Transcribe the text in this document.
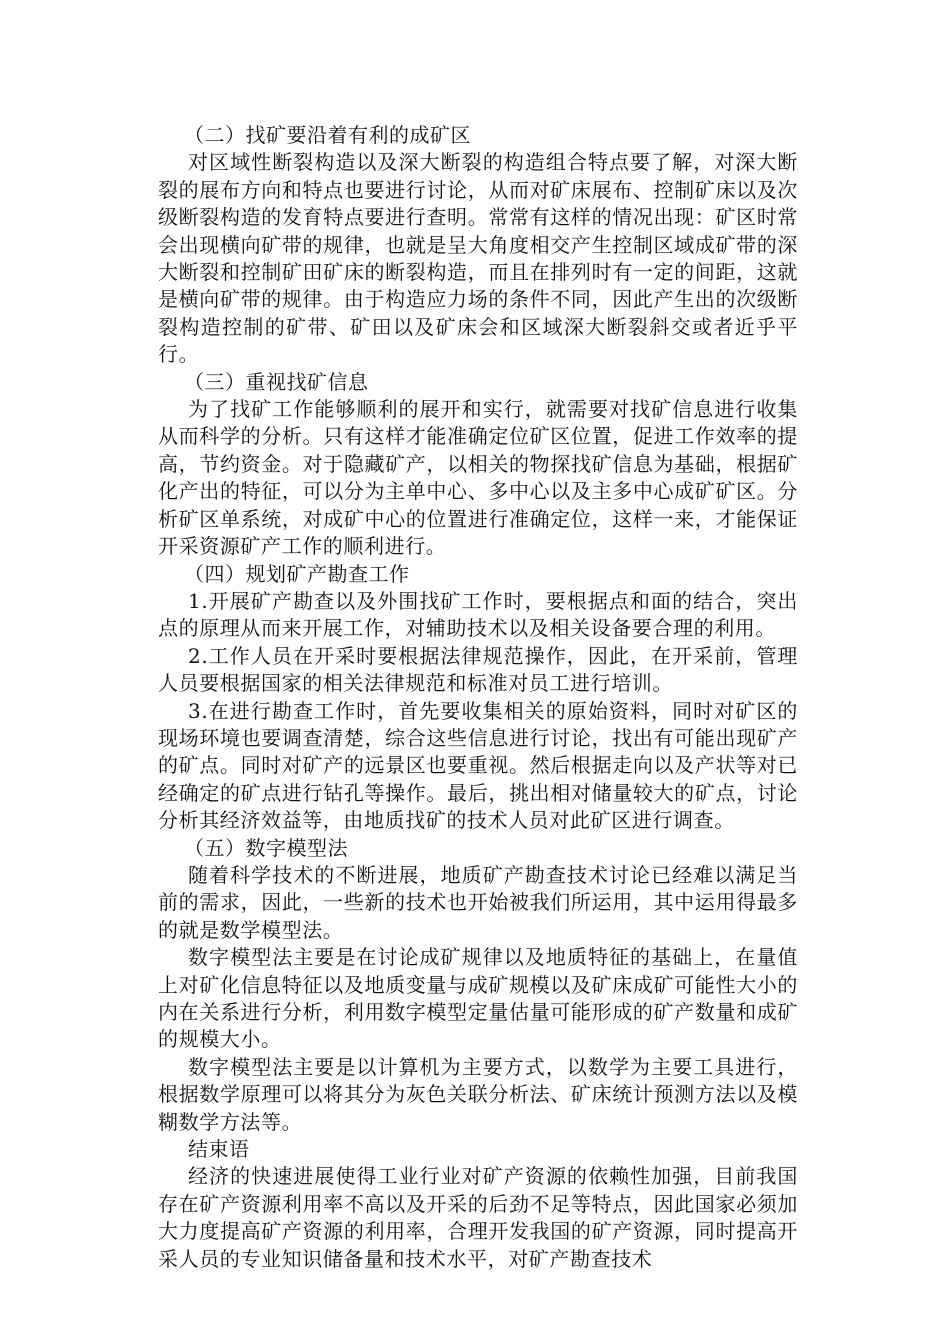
（二）找矿要沿着有利的成矿区

对区域性断裂构造以及深大断裂的构造组合特点要了解，对深大断裂的展布方向和特点也要进行讨论，从而对矿床展布、控制矿床以及次级断裂构造的发育特点要进行查明。常常有这样的情况出现：矿区时常会出现横向矿带的规律，也就是呈大角度相交产生控制区域成矿带的深大断裂和控制矿田矿床的断裂构造，而且在排列时有一定的间距，这就是横向矿带的规律。由于构造应力场的条件不同，因此产生出的次级断裂构造控制的矿带、矿田以及矿床会和区域深大断裂斜交或者近乎平行。

（三）重视找矿信息

为了找矿工作能够顺利的展开和实行，就需要对找矿信息进行收集从而科学的分析。只有这样才能准确定位矿区位置，促进工作效率的提高，节约资金。对于隐藏矿产，以相关的物探找矿信息为基础，根据矿化产出的特征，可以分为主单中心、多中心以及主多中心成矿矿区。分析矿区单系统，对成矿中心的位置进行准确定位，这样一来，才能保证开采资源矿产工作的顺利进行。

（四）规划矿产勘查工作

1.开展矿产勘查以及外围找矿工作时，要根据点和面的结合，突出点的原理从而来开展工作，对辅助技术以及相关设备要合理的利用。

2.工作人员在开采时要根据法律规范操作，因此，在开采前，管理人员要根据国家的相关法律规范和标准对员工进行培训。

3.在进行勘查工作时，首先要收集相关的原始资料，同时对矿区的现场环境也要调查清楚，综合这些信息进行讨论，找出有可能出现矿产的矿点。同时对矿产的远景区也要重视。然后根据走向以及产状等对已经确定的矿点进行钻孔等操作。最后，挑出相对储量较大的矿点，讨论分析其经济效益等，由地质找矿的技术人员对此矿区进行调查。

（五）数字模型法

随着科学技术的不断进展，地质矿产勘查技术讨论已经难以满足当前的需求，因此，一些新的技术也开始被我们所运用，其中运用得最多的就是数学模型法。

数字模型法主要是在讨论成矿规律以及地质特征的基础上，在量值上对矿化信息特征以及地质变量与成矿规模以及矿床成矿可能性大小的内在关系进行分析，利用数字模型定量估量可能形成的矿产数量和成矿的规模大小。

数字模型法主要是以计算机为主要方式，以数学为主要工具进行，根据数学原理可以将其分为灰色关联分析法、矿床统计预测方法以及模糊数学方法等。

结束语

经济的快速进展使得工业行业对矿产资源的依赖性加强，目前我国存在矿产资源利用率不高以及开采的后劲不足等特点，因此国家必须加大力度提高矿产资源的利用率，合理开发我国的矿产资源，同时提高开采人员的专业知识储备量和技术水平，对矿产勘查技术
